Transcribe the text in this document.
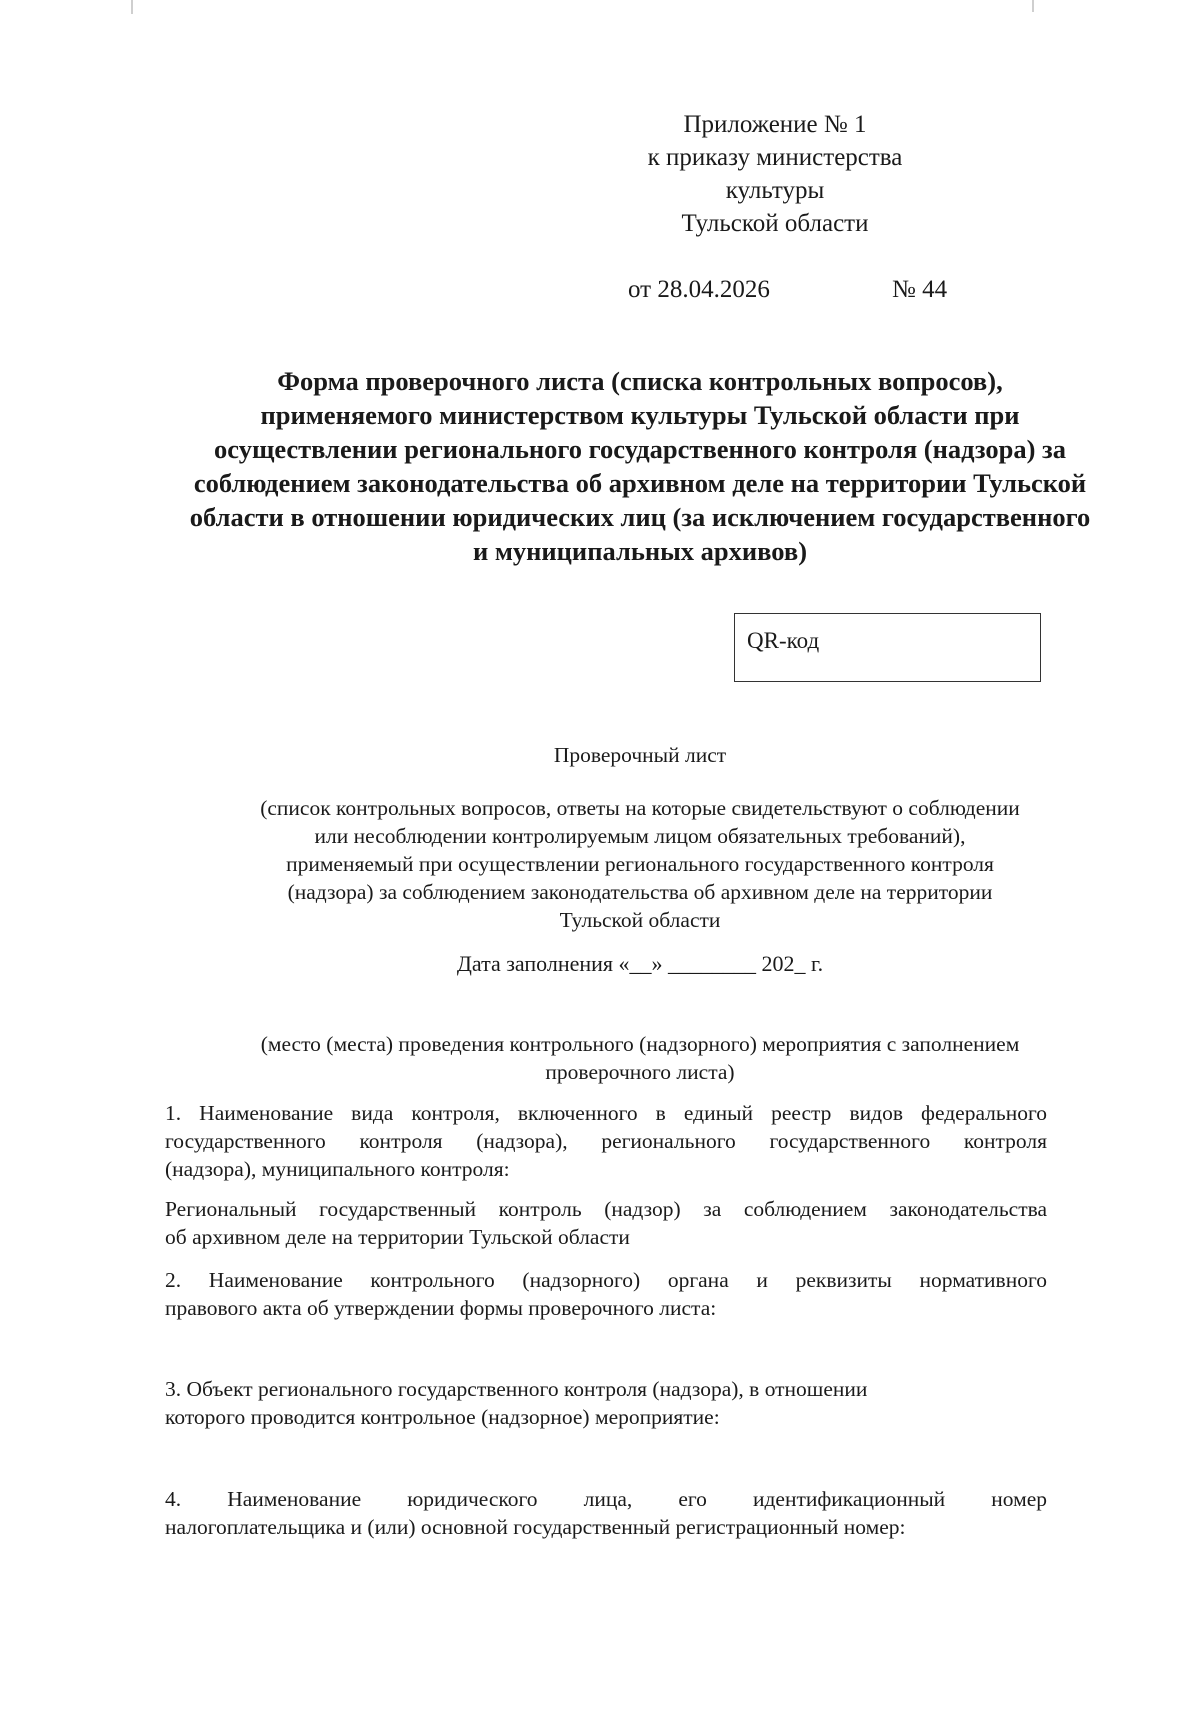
Приложение № 1
к приказу министерства
культуры
Тульской области
от 28.04.2026	№ 44
Форма проверочного листа (списка контрольных вопросов),
применяемого министерством культуры Тульской области при
осуществлении регионального государственного контроля (надзора) за
соблюдением законодательства об архивном деле на территории Тульской
области в отношении юридических лиц (за исключением государственного
и муниципальных архивов)
QR-код
Проверочный лист
(список контрольных вопросов, ответы на которые свидетельствуют о соблюдении
или несоблюдении контролируемым лицом обязательных требований),
применяемый при осуществлении регионального государственного контроля
(надзора) за соблюдением законодательства об архивном деле на территории
Тульской области
Дата заполнения «__» ________ 202_ г.
(место (места) проведения контрольного (надзорного) мероприятия с заполнением
проверочного листа)
1. Наименование вида контроля, включенного в единый реестр видов федерального
государственного контроля (надзора), регионального государственного контроля
(надзора), муниципального контроля:
Региональный государственный контроль (надзор) за соблюдением законодательства
об архивном деле на территории Тульской области
2. Наименование контрольного (надзорного) органа и реквизиты нормативного
правового акта об утверждении формы проверочного листа:
3. Объект регионального государственного контроля (надзора), в отношении
которого проводится контрольное (надзорное) мероприятие:
4. Наименование юридического лица, его идентификационный номер
налогоплательщика и (или) основной государственный регистрационный номер:
